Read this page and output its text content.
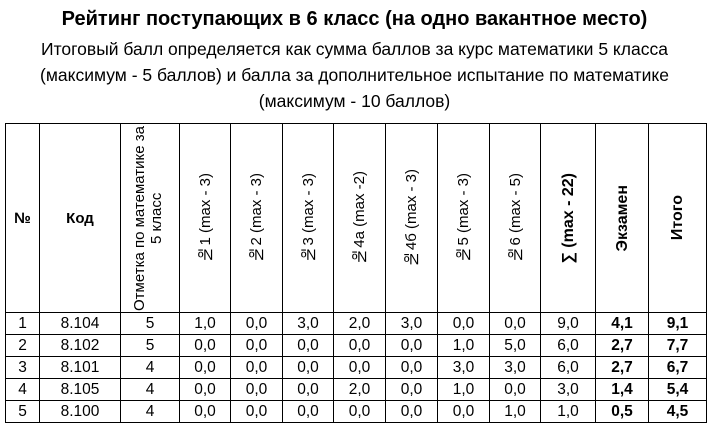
Рейтинг поступающих в 6 класс (на одно вакантное место)
Итоговый балл определяется как сумма баллов за курс математики 5 класса (максимум - 5 баллов) и балла за дополнительное испытание по математике (максимум - 10 баллов)
№	Код	Отметка по математике за 5 класс	№1 (max - 3)	№2 (max - 3)	№3 (max - 3)	№4а (max -2)	№4б (max - 3)	№5 (max - 3)	№6 (max - 5)	∑ (max - 22)	Экзамен	Итого

1	8.104	5	1,0	0,0	3,0	2,0	3,0	0,0	0,0	9,0	4,1	9,1
2	8.102	5	0,0	0,0	0,0	0,0	0,0	1,0	5,0	6,0	2,7	7,7
3	8.101	4	0,0	0,0	0,0	0,0	0,0	3,0	3,0	6,0	2,7	6,7
4	8.105	4	0,0	0,0	0,0	2,0	0,0	1,0	0,0	3,0	1,4	5,4
5	8.100	4	0,0	0,0	0,0	0,0	0,0	0,0	1,0	1,0	0,5	4,5
